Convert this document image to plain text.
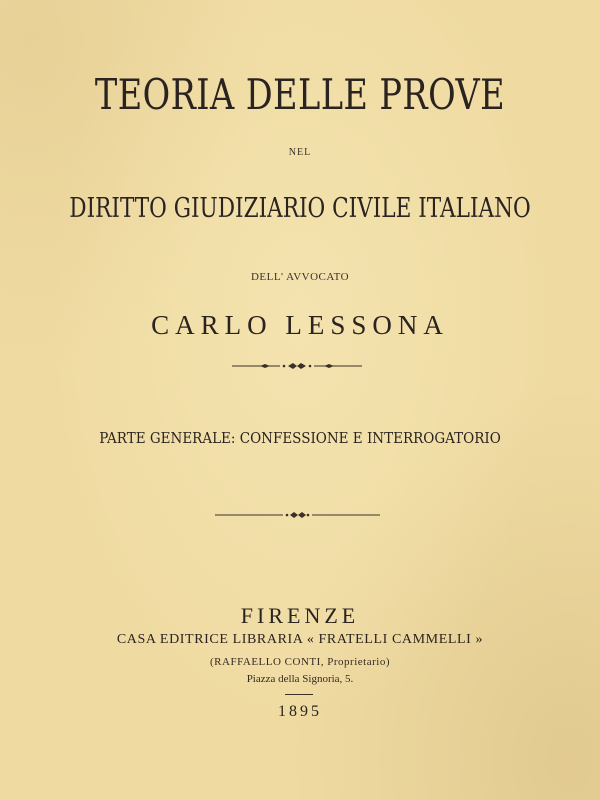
TEORIA DELLE PROVE
NEL
DIRITTO GIUDIZIARIO CIVILE ITALIANO
DELL' AVVOCATO
CARLO LESSONA
PARTE GENERALE: CONFESSIONE E INTERROGATORIO
FIRENZE
CASA EDITRICE LIBRARIA « FRATELLI CAMMELLI »
(RAFFAELLO CONTI, Proprietario)
Piazza della Signoria, 5.
1895
